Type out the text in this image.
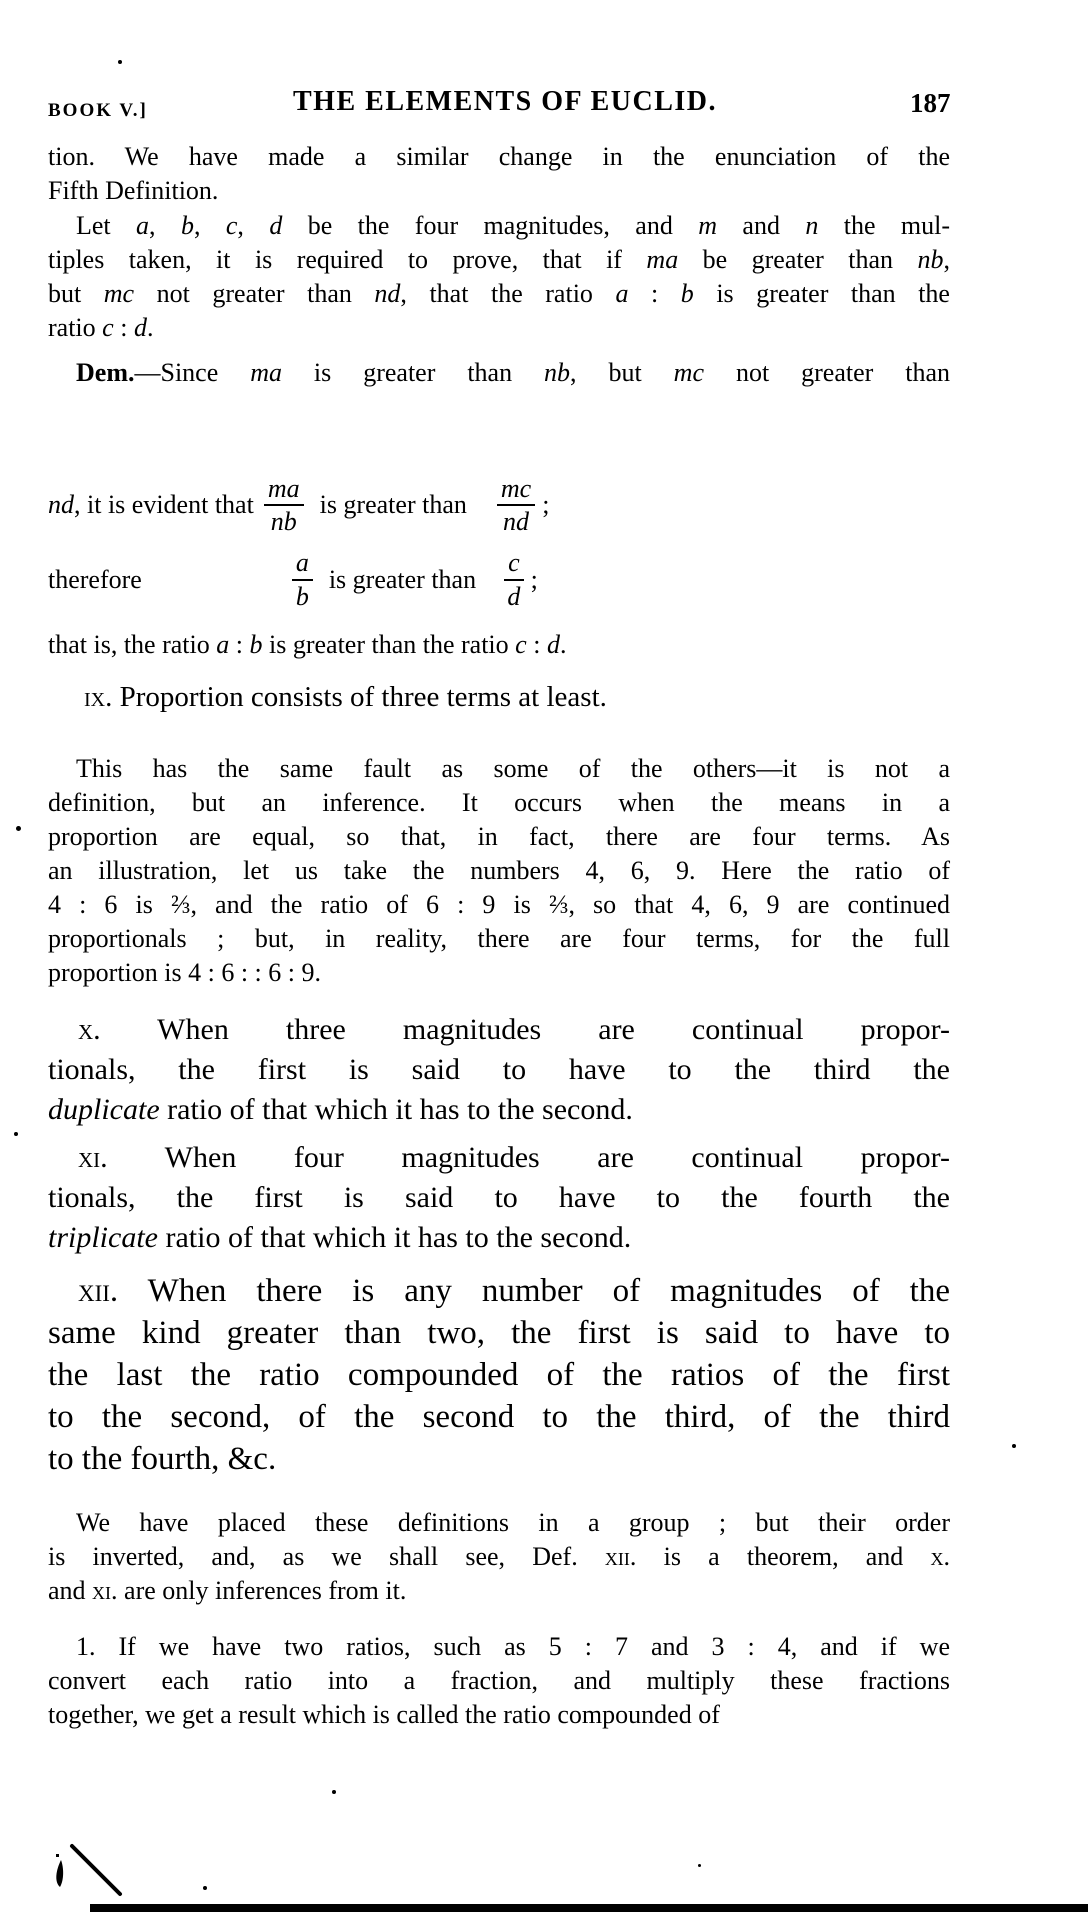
BOOK V.]	THE ELEMENTS OF EUCLID.	187
tion. We have made a similar change in the enunciation of the
Fifth Definition.
Let a, b, c, d be the four magnitudes, and m and n the mul-
tiples taken, it is required to prove, that if ma be greater than nb,
but mc not greater than nd, that the ratio a : b is greater than the
ratio c : d.
Dem.—Since ma is greater than nb, but mc not greater than
nd, it is evident that $\frac{ma}{nb}$ is greater than $\frac{mc}{nd}$ ;
therefore	$\frac{a}{b}$ is greater than $\frac{c}{d}$ ;
that is, the ratio a : b is greater than the ratio c : d.
ix. Proportion consists of three terms at least.
This has the same fault as some of the others—it is not a
definition, but an inference. It occurs when the means in a
proportion are equal, so that, in fact, there are four terms. As
an illustration, let us take the numbers 4, 6, 9. Here the ratio of
4 : 6 is ⅔, and the ratio of 6 : 9 is ⅔, so that 4, 6, 9 are continued
proportionals ; but, in reality, there are four terms, for the full
proportion is 4 : 6 : : 6 : 9.
x. When three magnitudes are continual propor-
tionals, the first is said to have to the third the
duplicate ratio of that which it has to the second.
xi. When four magnitudes are continual propor-
tionals, the first is said to have to the fourth the
triplicate ratio of that which it has to the second.
xii. When there is any number of magnitudes of the
same kind greater than two, the first is said to have to
the last the ratio compounded of the ratios of the first
to the second, of the second to the third, of the third
to the fourth, &c.
We have placed these definitions in a group ; but their order
is inverted, and, as we shall see, Def. xii. is a theorem, and x.
and xi. are only inferences from it.
1. If we have two ratios, such as 5 : 7 and 3 : 4, and if we
convert each ratio into a fraction, and multiply these fractions
together, we get a result which is called the ratio compounded of
